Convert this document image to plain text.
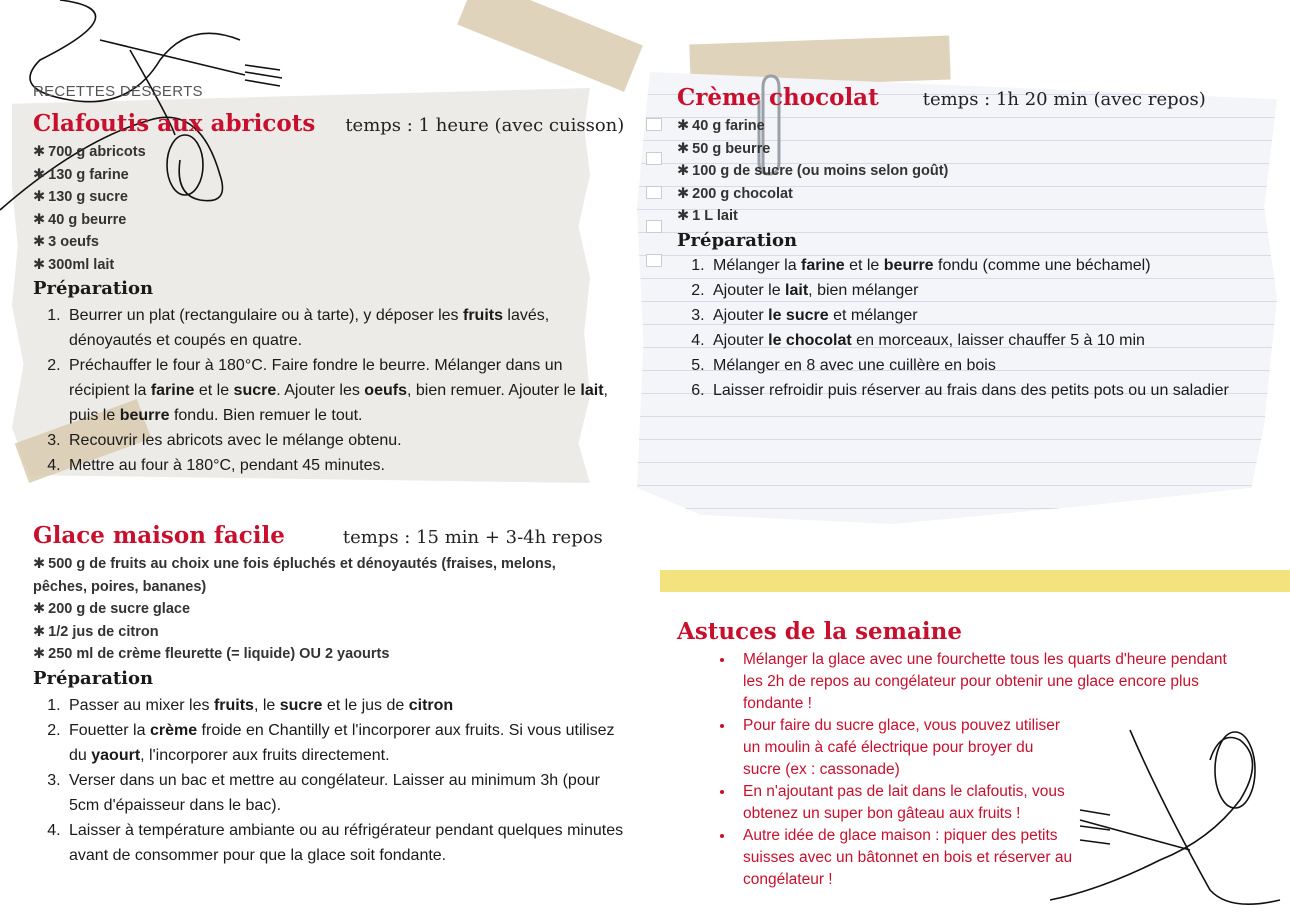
RECETTES DESSERTS
Clafoutis aux abricots temps : 1 heure (avec cuisson)
✱ 700 g abricots
✱ 130 g farine
✱ 130 g sucre
✱ 40 g beurre
✱ 3 oeufs
✱ 300ml lait
Préparation
1. Beurrer un plat (rectangulaire ou à tarte), y déposer les fruits lavés, dénoyautés et coupés en quatre.
2. Préchauffer le four à 180°C. Faire fondre le beurre. Mélanger dans un récipient la farine et le sucre. Ajouter les oeufs, bien remuer. Ajouter le lait, puis le beurre fondu. Bien remuer le tout.
3. Recouvrir les abricots avec le mélange obtenu.
4. Mettre au four à 180°C, pendant 45 minutes.
Glace maison facile	temps : 15 min + 3-4h repos
✱ 500 g de fruits au choix une fois épluchés et dénoyautés (fraises, melons, pêches, poires, bananes)
✱ 200 g de sucre glace
✱ 1/2 jus de citron
✱ 250 ml de crème fleurette (= liquide) OU 2 yaourts
Préparation
1. Passer au mixer les fruits, le sucre et le jus de citron
2. Fouetter la crème froide en Chantilly et l'incorporer aux fruits. Si vous utilisez du yaourt, l'incorporer aux fruits directement.
3. Verser dans un bac et mettre au congélateur. Laisser au minimum 3h (pour 5cm d'épaisseur dans le bac).
4. Laisser à température ambiante ou au réfrigérateur pendant quelques minutes avant de consommer pour que la glace soit fondante.
Crème chocolat temps : 1h 20 min (avec repos)
✱ 40 g farine
✱ 50 g beurre
✱ 100 g de sucre (ou moins selon goût)
✱ 200 g chocolat
✱ 1 L lait
Préparation
1. Mélanger la farine et le beurre fondu (comme une béchamel)
2. Ajouter le lait, bien mélanger
3. Ajouter le sucre et mélanger
4. Ajouter le chocolat en morceaux, laisser chauffer 5 à 10 min
5. Mélanger en 8 avec une cuillère en bois
6. Laisser refroidir puis réserver au frais dans des petits pots ou un saladier
Astuces de la semaine
• Mélanger la glace avec une fourchette tous les quarts d'heure pendant les 2h de repos au congélateur pour obtenir une glace encore plus fondante !
• Pour faire du sucre glace, vous pouvez utiliser un moulin à café électrique pour broyer du sucre (ex : cassonade)
• En n'ajoutant pas de lait dans le clafoutis, vous obtenez un super bon gâteau aux fruits !
• Autre idée de glace maison : piquer des petits suisses avec un bâtonnet en bois et réserver au congélateur !
